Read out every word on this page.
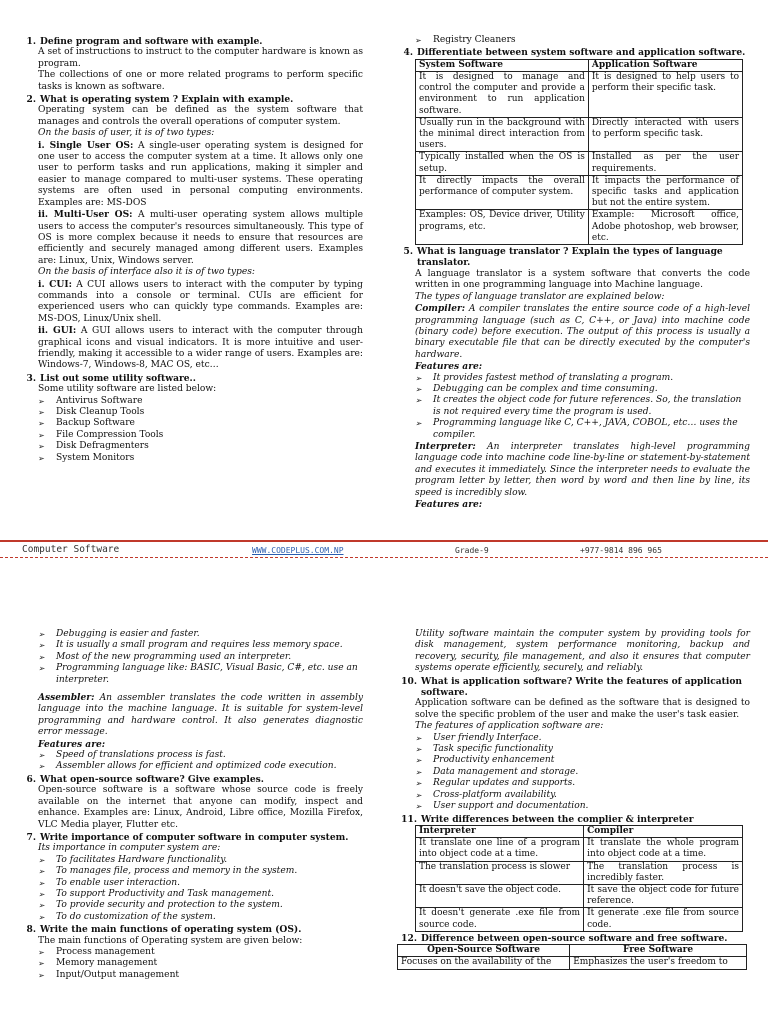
1. Define program and software with example.
A set of instructions to instruct to the computer hardware is known as program.
The collections of one or more related programs to perform specific tasks is known as software.
2. What is operating system ? Explain with example.
Operating system can be defined as the system software that manages and controls the overall operations of computer system.
On the basis of user, it is of two types:
i. Single User OS: A single-user operating system is designed for one user to access the computer system at a time. It allows only one user to perform tasks and run applications, making it simpler and easier to manage compared to multi-user systems. These operating systems are often used in personal computing environments. Examples are: MS-DOS
ii. Multi-User OS: A multi-user operating system allows multiple users to access the computer's resources simultaneously. This type of OS is more complex because it needs to ensure that resources are efficiently and securely managed among different users. Examples are: Linux, Unix, Windows server.
On the basis of interface also it is of two types:
i. CUI: A CUI allows users to interact with the computer by typing commands into a console or terminal. CUIs are efficient for experienced users who can quickly type commands. Examples are: MS-DOS, Linux/Unix shell.
ii. GUI: A GUI allows users to interact with the computer through graphical icons and visual indicators. It is more intuitive and user-friendly, making it accessible to a wider range of users. Examples are: Windows-7, Windows-8, MAC OS, etc…
3. List out some utility software..
Some utility software are listed below:
➢ Antivirus Software
➢ Disk Cleanup Tools
➢ Backup Software
➢ File Compression Tools
➢ Disk Defragmenters
➢ System Monitors
➢ Registry Cleaners
4. Differentiate between system software and application software.
System Software	Application Software
It is designed to manage and control the computer and provide a environment to run application software.	It is designed to help users to perform their specific task.
Usually run in the background with the minimal direct interaction from users.	Directly interacted with users to perform specific task.
Typically installed when the OS is setup.	Installed as per the user requirements.
It directly impacts the overall performance of computer system.	It impacts the performance of specific tasks and application but not the entire system.
Examples: OS, Device driver, Utility programs, etc.	Example: Microsoft office, Adobe photoshop, web browser, etc.
5. What is language translator ? Explain the types of language translator.
A language translator is a system software that converts the code written in one programming language into Machine language.
The types of language translator are explained below:
Compiler: A compiler translates the entire source code of a high-level programming language (such as C, C++, or Java) into machine code (binary code) before execution. The output of this process is usually a binary executable file that can be directly executed by the computer's hardware.
Features are:
➢ It provides fastest method of translating a program.
➢ Debugging can be complex and time consuming.
➢ It creates the object code for future references. So, the translation is not required every time the program is used.
➢ Programming language like C, C++, JAVA, COBOL, etc… uses the compiler.
Interpreter: An interpreter translates high-level programming language code into machine code line-by-line or statement-by-statement and executes it immediately. Since the interpreter needs to evaluate the program letter by letter, then word by word and then line by line, its speed is incredibly slow.
Features are:
Computer Software	WWW.CODEPLUS.COM.NP	Grade-9	+977-9814 896 965
➢ Debugging is easier and faster.
➢ It is usually a small program and requires less memory space.
➢ Most of the new programming used an interpreter.
➢ Programming language like: BASIC, Visual Basic, C#, etc. use an interpreter.
Assembler: An assembler translates the code written in assembly language into the machine language. It is suitable for system-level programming and hardware control. It also generates diagnostic error message.
Features are:
➢ Speed of translations process is fast.
➢ Assembler allows for efficient and optimized code execution.
6. What open-source software? Give examples.
Open-source software is a software whose source code is freely available on the internet that anyone can modify, inspect and enhance. Examples are: Linux, Android, Libre office, Mozilla Firefox, VLC Media player, Flutter etc.
7. Write importance of computer software in computer system.
Its importance in computer system are:
➢ To facilitates Hardware functionality.
➢ To manages file, process and memory in the system.
➢ To enable user interaction.
➢ To support Productivity and Task management.
➢ To provide security and protection to the system.
➢ To do customization of the system.
8. Write the main functions of operating system (OS).
The main functions of Operating system are given below:
➢ Process management
➢ Memory management
➢ Input/Output management
Utility software maintain the computer system by providing tools for disk management, system performance monitoring, backup and recovery, security, file management, and also it ensures that computer systems operate efficiently, securely, and reliably.
10. What is application software? Write the features of application software.
Application software can be defined as the software that is designed to solve the specific problem of the user and make the user's task easier.
The features of application software are:
➢ User friendly Interface.
➢ Task specific functionality
➢ Productivity enhancement
➢ Data management and storage.
➢ Regular updates and supports.
➢ Cross-platform availability.
➢ User support and documentation.
11. Write differences between the complier & interpreter
Interpreter	Compiler
It translate one line of a program into object code at a time.	It translate the whole program into object code at a time.
The translation process is slower	The translation process is incredibly faster.
It doesn't save the object code.	It save the object code for future reference.
It doesn't generate .exe file from source code.	It generate .exe file from source code.
12. Difference between open-source software and free software.
Open-Source Software	Free Software
Focuses on the availability of the	Emphasizes the user's freedom to
